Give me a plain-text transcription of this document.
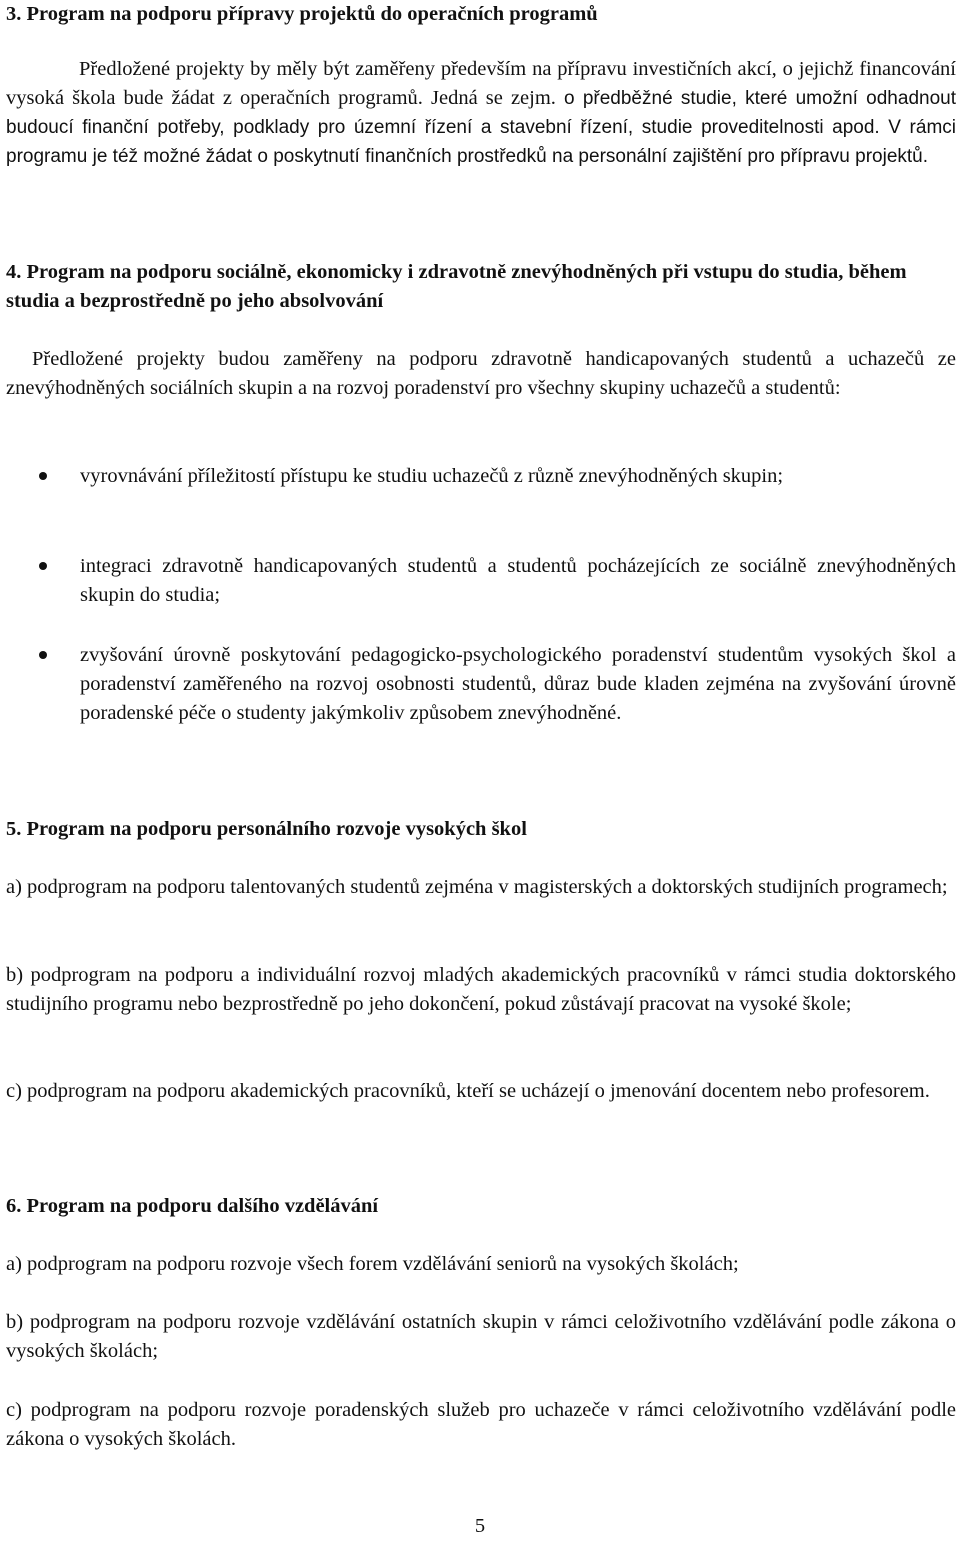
3. Program na podporu přípravy projektů do operačních programů

Předložené projekty by měly být zaměřeny především na přípravu investičních akcí, o jejichž financování vysoká škola bude žádat z operačních programů. Jedná se zejm. o předběžné studie, které umožní odhadnout budoucí finanční potřeby, podklady pro územní řízení a stavební řízení, studie proveditelnosti apod. V rámci programu je též možné žádat o poskytnutí finančních prostředků na personální zajištění pro přípravu projektů.

4. Program na podporu sociálně, ekonomicky i zdravotně znevýhodněných při vstupu do studia, během studia a bezprostředně po jeho absolvování

Předložené projekty budou zaměřeny na podporu zdravotně handicapovaných studentů a uchazečů ze znevýhodněných sociálních skupin a na rozvoj poradenství pro všechny skupiny uchazečů a studentů:

vyrovnávání příležitostí přístupu ke studiu uchazečů z různě znevýhodněných skupin;
integraci zdravotně handicapovaných studentů a studentů pocházejících ze sociálně znevýhodněných skupin do studia;
zvyšování úrovně poskytování pedagogicko-psychologického poradenství studentům vysokých škol a poradenství zaměřeného na rozvoj osobnosti studentů, důraz bude kladen zejména na zvyšování úrovně poradenské péče o studenty jakýmkoliv způsobem znevýhodněné.
5. Program na podporu personálního rozvoje vysokých škol

a) podprogram na podporu talentovaných studentů zejména v magisterských a doktorských studijních programech;

b) podprogram na podporu a individuální rozvoj mladých akademických pracovníků v rámci studia doktorského studijního programu nebo bezprostředně po jeho dokončení, pokud zůstávají pracovat na vysoké škole;

c) podprogram na podporu akademických pracovníků, kteří se ucházejí o jmenování docentem nebo profesorem.

6. Program na podporu dalšího vzdělávání

a) podprogram na podporu rozvoje všech forem vzdělávání seniorů na vysokých školách;

b) podprogram na podporu rozvoje vzdělávání ostatních skupin v rámci celoživotního vzdělávání podle zákona o vysokých školách;

c) podprogram na podporu rozvoje poradenských služeb pro uchazeče v rámci celoživotního vzdělávání podle zákona o vysokých školách.

5
